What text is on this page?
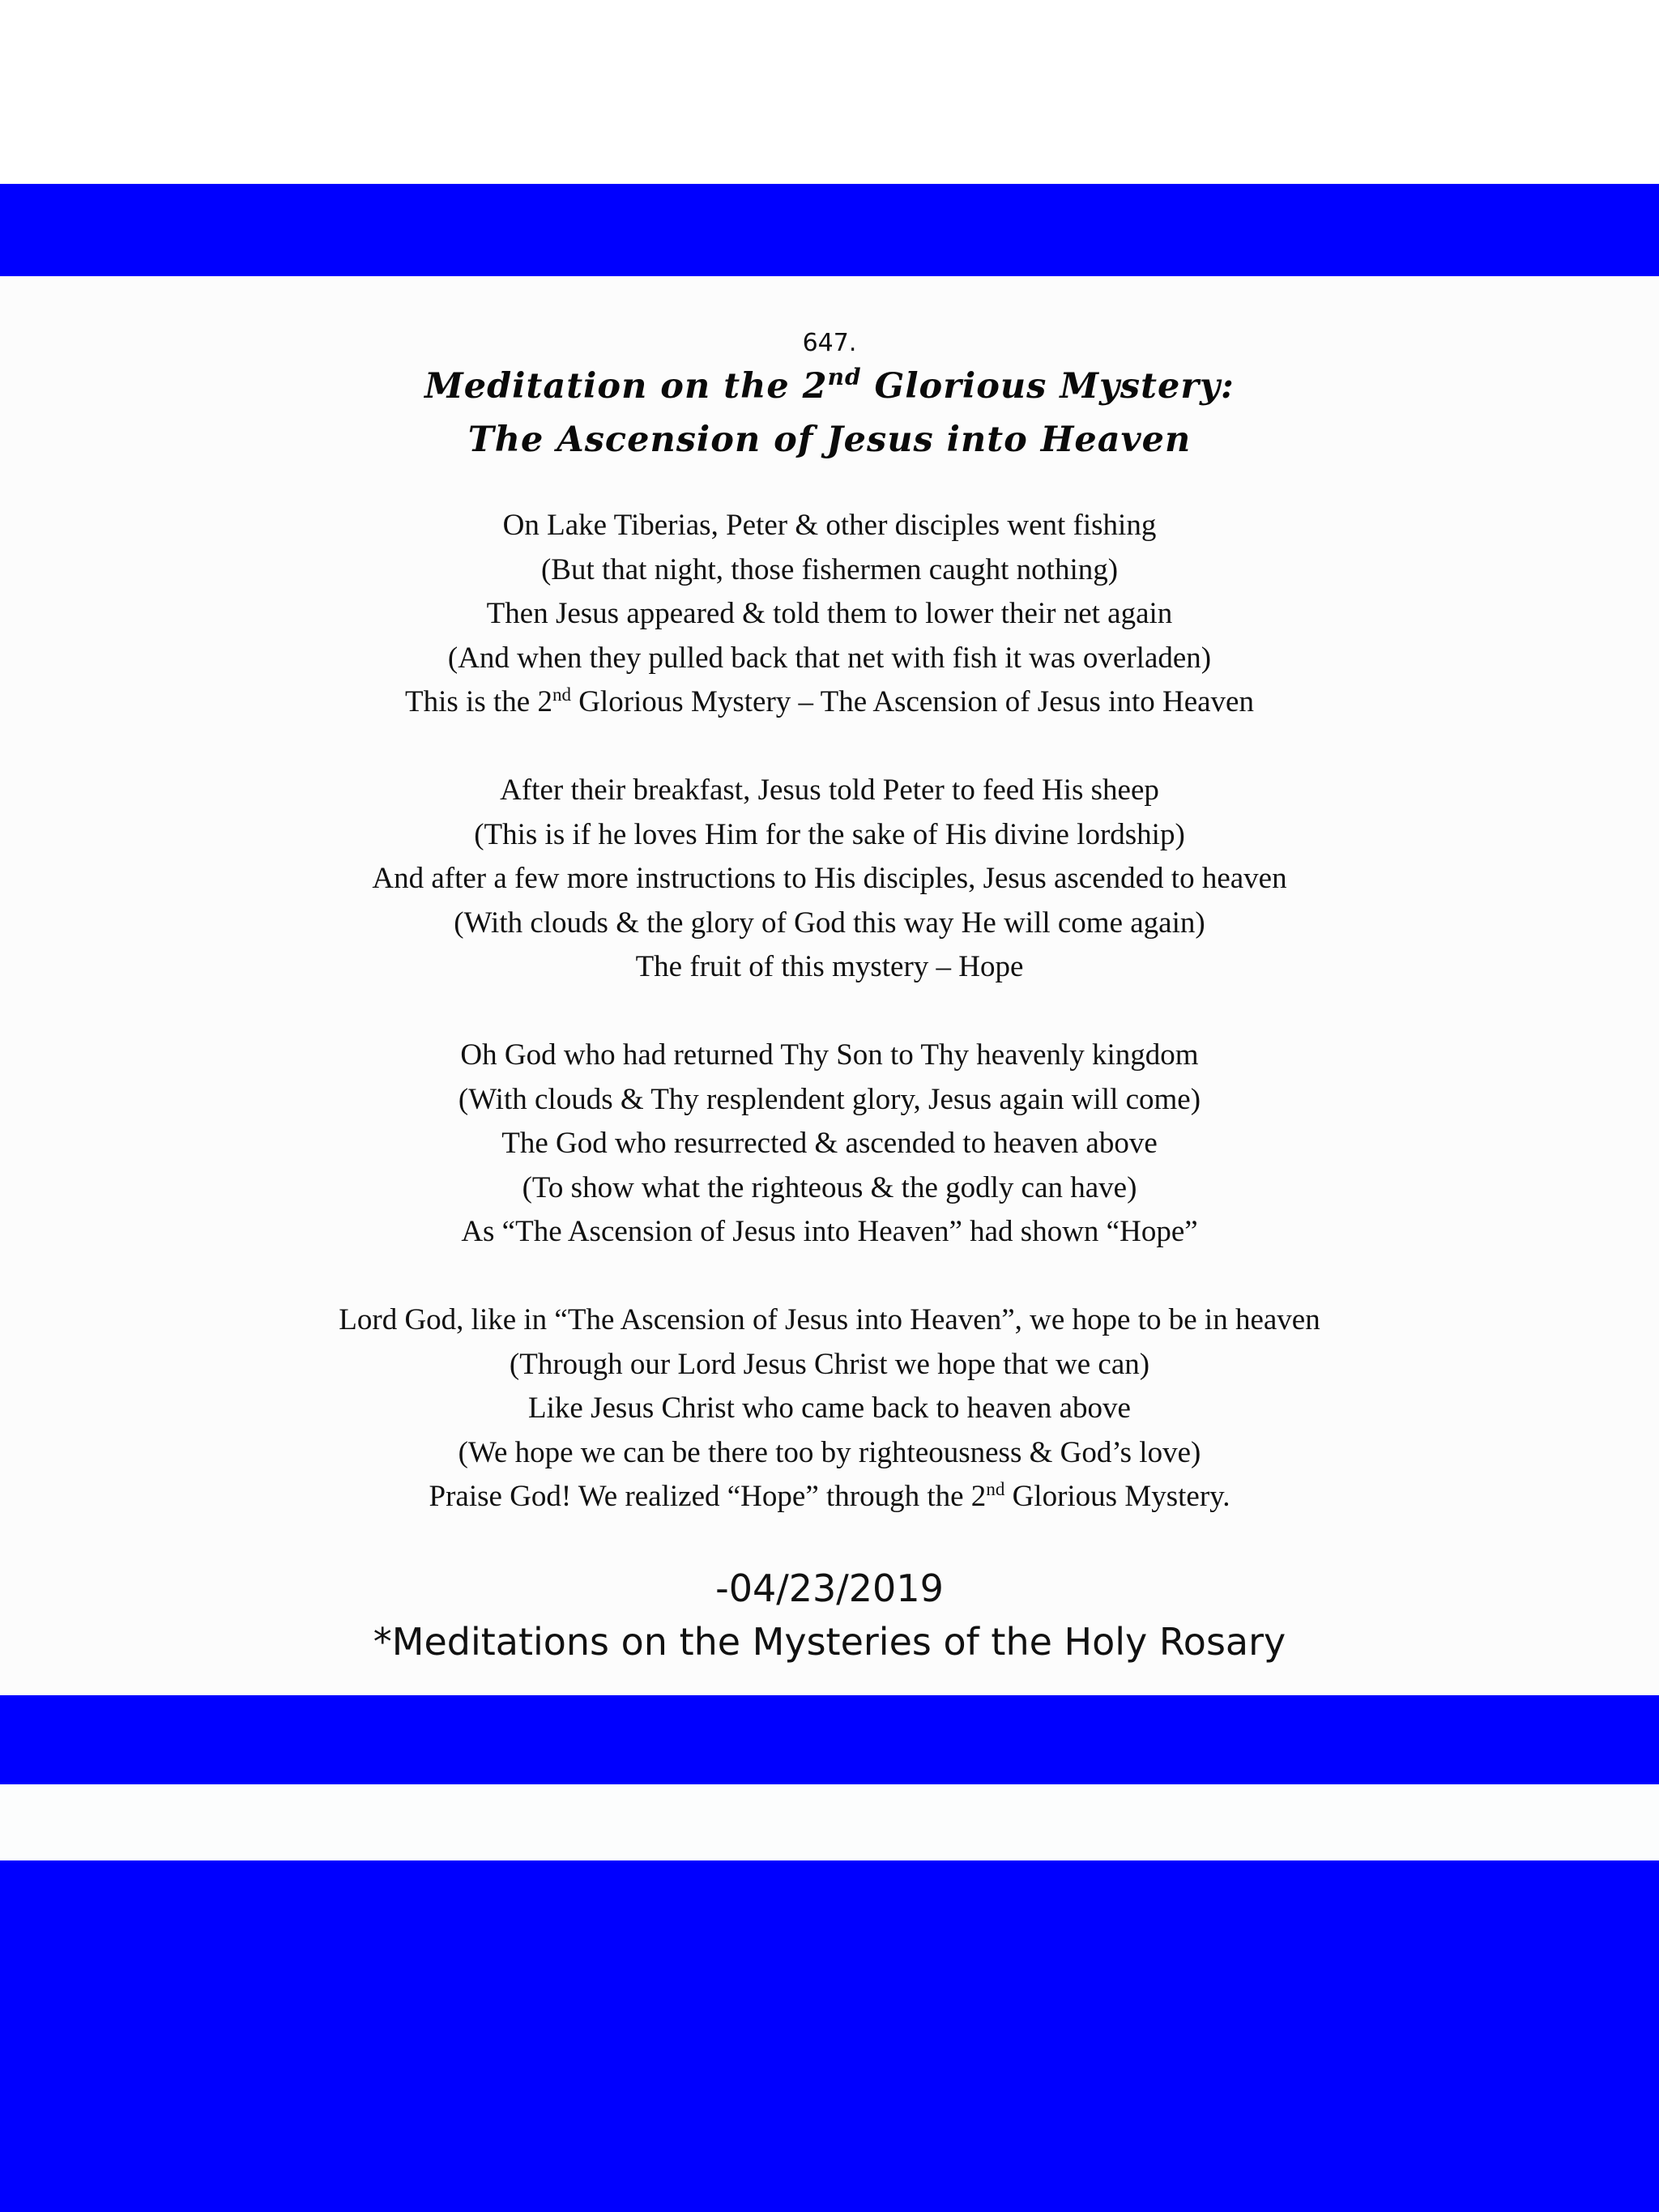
647.

Meditation on the 2nd Glorious Mystery:
The Ascension of Jesus into Heaven

On Lake Tiberias, Peter & other disciples went fishing

(But that night, those fishermen caught nothing)

Then Jesus appeared & told them to lower their net again

(And when they pulled back that net with fish it was overladen)

This is the 2nd Glorious Mystery – The Ascension of Jesus into Heaven

After their breakfast, Jesus told Peter to feed His sheep

(This is if he loves Him for the sake of His divine lordship)

And after a few more instructions to His disciples, Jesus ascended to heaven

(With clouds & the glory of God this way He will come again)

The fruit of this mystery – Hope

Oh God who had returned Thy Son to Thy heavenly kingdom

(With clouds & Thy resplendent glory, Jesus again will come)

The God who resurrected & ascended to heaven above

(To show what the righteous & the godly can have)

As “The Ascension of Jesus into Heaven” had shown “Hope”

Lord God, like in “The Ascension of Jesus into Heaven”, we hope to be in heaven

(Through our Lord Jesus Christ we hope that we can)

Like Jesus Christ who came back to heaven above

(We hope we can be there too by righteousness & God’s love)

Praise God! We realized “Hope” through the 2nd Glorious Mystery.

-04/23/2019

*Meditations on the Mysteries of the Holy Rosary
